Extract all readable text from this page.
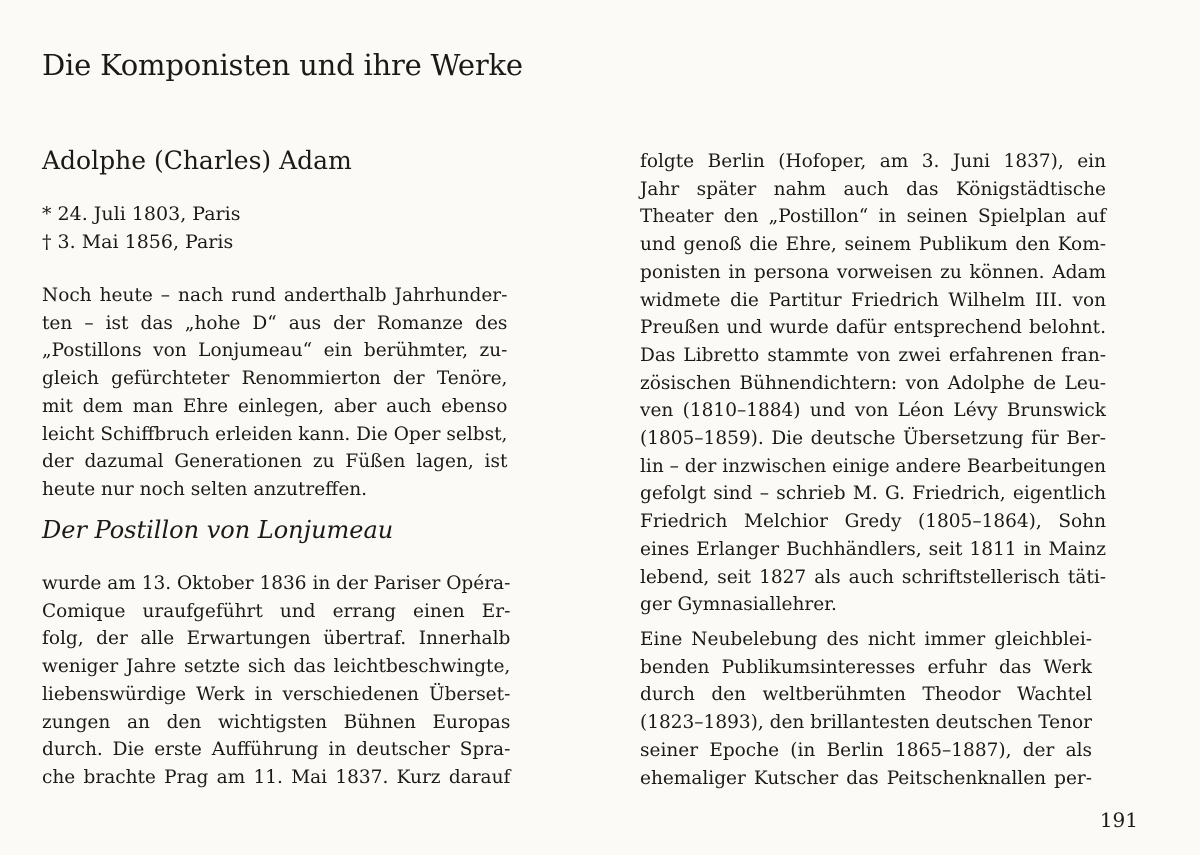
Die Komponisten und ihre Werke
Adolphe (Charles) Adam
* 24. Juli 1803, Paris
† 3. Mai 1856, Paris
Noch heute – nach rund anderthalb Jahrhunder-
ten – ist das „hohe D“ aus der Romanze des
„Postillons von Lonjumeau“ ein berühmter, zu-
gleich gefürchteter Renommierton der Tenöre,
mit dem man Ehre einlegen, aber auch ebenso
leicht Schiffbruch erleiden kann. Die Oper selbst,
der dazumal Generationen zu Füßen lagen, ist
heute nur noch selten anzutreffen.
Der Postillon von Lonjumeau
wurde am 13. Oktober 1836 in der Pariser Opéra-
Comique uraufgeführt und errang einen Er-
folg, der alle Erwartungen übertraf. Innerhalb
weniger Jahre setzte sich das leichtbeschwingte,
liebenswürdige Werk in verschiedenen Überset-
zungen an den wichtigsten Bühnen Europas
durch. Die erste Aufführung in deutscher Spra-
che brachte Prag am 11. Mai 1837. Kurz darauf
folgte Berlin (Hofoper, am 3. Juni 1837), ein
Jahr später nahm auch das Königstädtische
Theater den „Postillon“ in seinen Spielplan auf
und genoß die Ehre, seinem Publikum den Kom-
ponisten in persona vorweisen zu können. Adam
widmete die Partitur Friedrich Wilhelm III. von
Preußen und wurde dafür entsprechend belohnt.
Das Libretto stammte von zwei erfahrenen fran-
zösischen Bühnendichtern: von Adolphe de Leu-
ven (1810–1884) und von Léon Lévy Brunswick
(1805–1859). Die deutsche Übersetzung für Ber-
lin – der inzwischen einige andere Bearbeitungen
gefolgt sind – schrieb M. G. Friedrich, eigentlich
Friedrich Melchior Gredy (1805–1864), Sohn
eines Erlanger Buchhändlers, seit 1811 in Mainz
lebend, seit 1827 als auch schriftstellerisch täti-
ger Gymnasiallehrer.
Eine Neubelebung des nicht immer gleichblei-
benden Publikumsinteresses erfuhr das Werk
durch den weltberühmten Theodor Wachtel
(1823–1893), den brillantesten deutschen Tenor
seiner Epoche (in Berlin 1865–1887), der als
ehemaliger Kutscher das Peitschenknallen per-
191
